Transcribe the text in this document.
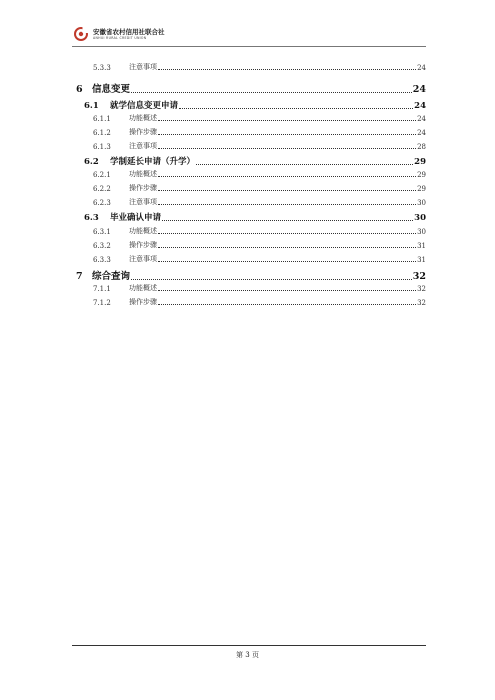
安徽省农村信用社联合社
ANHUI RURAL CREDIT UNION
5.3.3	注意事项	24
6 信息变更	24
6.1	就学信息变更申请	24
6.1.1	功能概述	24
6.1.2	操作步骤	24
6.1.3	注意事项	28
6.2	学制延长申请（升学）	29
6.2.1	功能概述	29
6.2.2	操作步骤	29
6.2.3	注意事项	30
6.3	毕业确认申请	30
6.3.1	功能概述	30
6.3.2	操作步骤	31
6.3.3	注意事项	31
7 综合查询	32
7.1.1	功能概述	32
7.1.2	操作步骤	32
第 3 页
